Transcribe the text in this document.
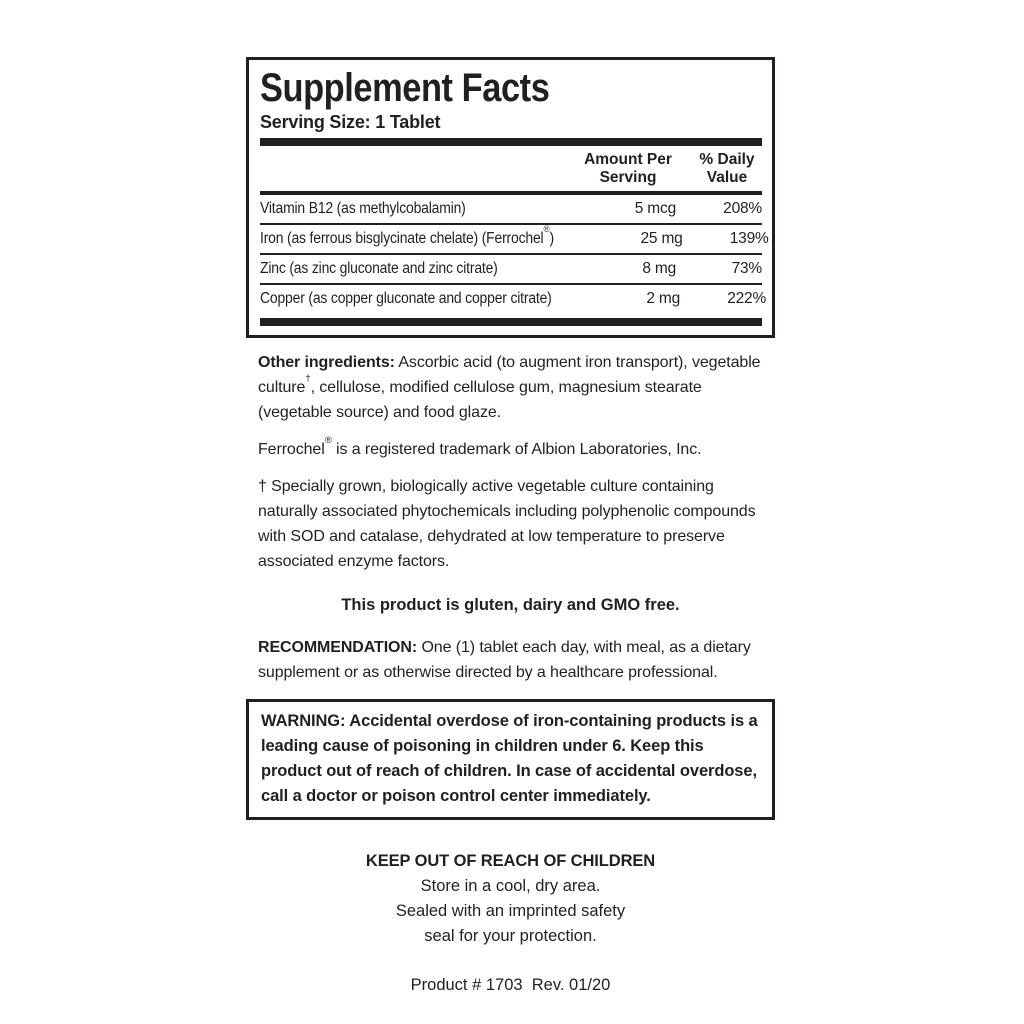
Supplement Facts
Serving Size: 1 Tablet
Amount Per
Serving
% Daily
Value
Vitamin B12 (as methylcobalamin)	5 mcg	208%
Iron (as ferrous bisglycinate chelate) (Ferrochel®)	25 mg	139%
Zinc (as zinc gluconate and zinc citrate)	8 mg	73%
Copper (as copper gluconate and copper citrate)	2 mg	222%
Other ingredients: Ascorbic acid (to augment iron transport), vegetable culture†, cellulose, modified cellulose gum, magnesium stearate (vegetable source) and food glaze.
Ferrochel® is a registered trademark of Albion Laboratories, Inc.
† Specially grown, biologically active vegetable culture containing naturally associated phytochemicals including polyphenolic compounds with SOD and catalase, dehydrated at low temperature to preserve associated enzyme factors.
This product is gluten, dairy and GMO free.
RECOMMENDATION: One (1) tablet each day, with meal, as a dietary supplement or as otherwise directed by a healthcare professional.
WARNING: Accidental overdose of iron-containing products is a leading cause of poisoning in children under 6. Keep this product out of reach of children. In case of accidental overdose, call a doctor or poison control center immediately.
KEEP OUT OF REACH OF CHILDREN
Store in a cool, dry area.
Sealed with an imprinted safety
seal for your protection.
Product # 1703  Rev. 01/20
